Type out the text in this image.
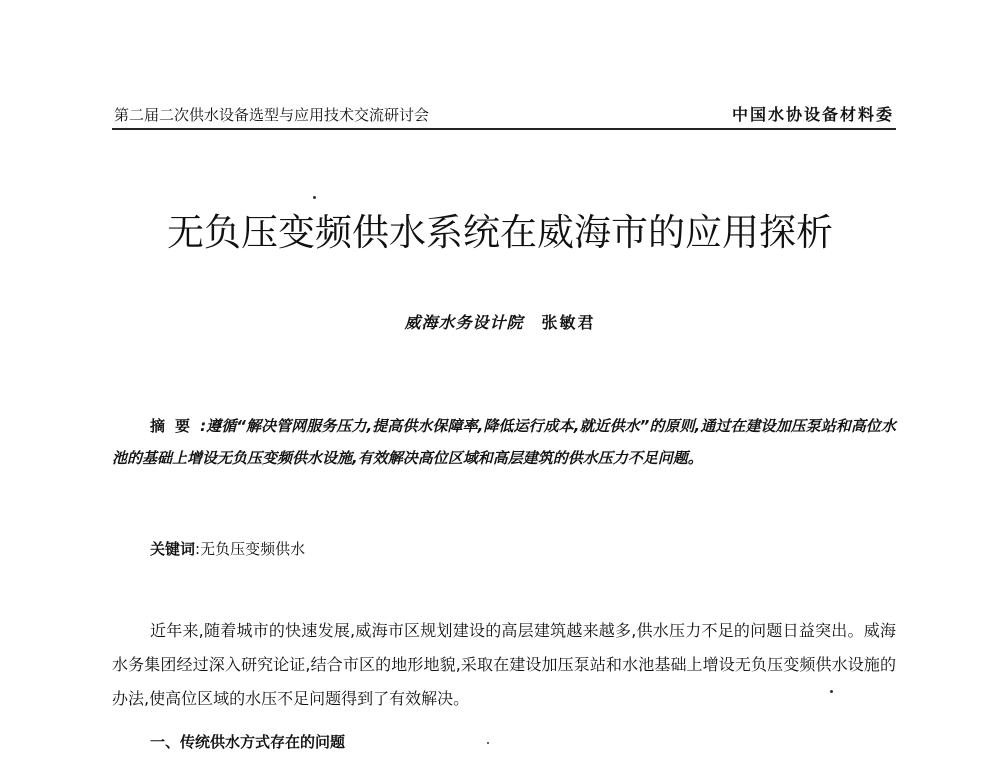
第二届二次供水设备选型与应用技术交流研讨会	中国水协设备材料委
无负压变频供水系统在威海市的应用探析
威海水务设计院 张敏君
摘要:遵循“解决管网服务压力,提高供水保障率,降低运行成本,就近供水”的原则,通过在建设加压泵站和高位水池的基础上增设无负压变频供水设施,有效解决高位区域和高层建筑的供水压力不足问题。
关键词:无负压变频供水
近年来,随着城市的快速发展,威海市区规划建设的高层建筑越来越多,供水压力不足的问题日益突出。威海水务集团经过深入研究论证,结合市区的地形地貌,采取在建设加压泵站和水池基础上增设无负压变频供水设施的办法,使高位区域的水压不足问题得到了有效解决。
一、传统供水方式存在的问题
